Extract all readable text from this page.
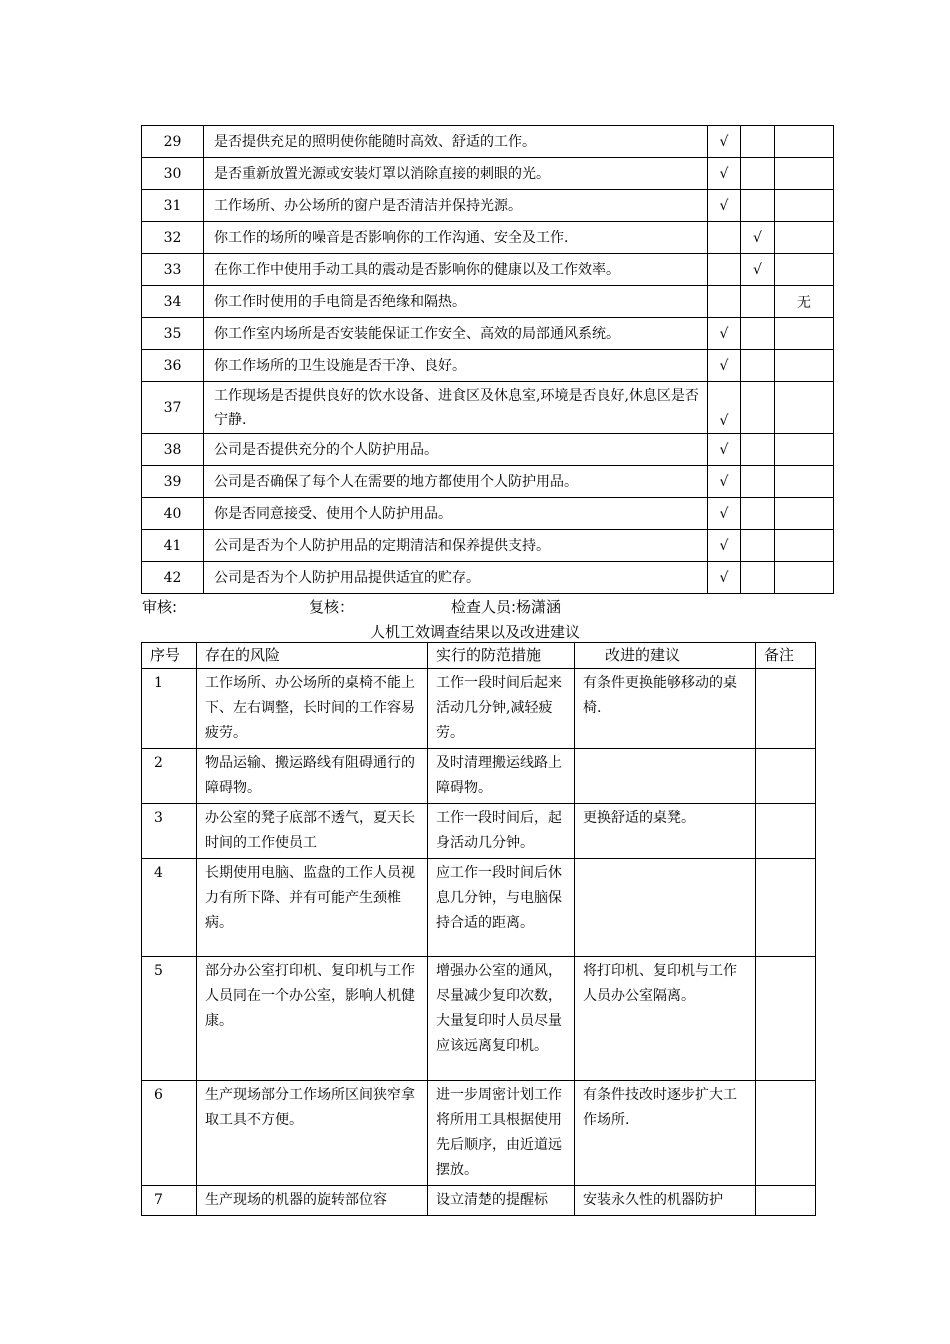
29	是否提供充足的照明使你能随时高效、舒适的工作。	√		
30	是否重新放置光源或安装灯罩以消除直接的刺眼的光。	√		
31	工作场所、办公场所的窗户是否清洁并保持光源。	√		
32	你工作的场所的噪音是否影响你的工作沟通、安全及工作.		√	
33	在你工作中使用手动工具的震动是否影响你的健康以及工作效率。		√	
34	你工作时使用的手电筒是否绝缘和隔热。			无
35	你工作室内场所是否安装能保证工作安全、高效的局部通风系统。	√		
36	你工作场所的卫生设施是否干净、良好。	√		
37	工作现场是否提供良好的饮水设备、进食区及休息室,环境是否良好,休息区是否宁静.	√		
38	公司是否提供充分的个人防护用品。	√		
39	公司是否确保了每个人在需要的地方都使用个人防护用品。	√		
40	你是否同意接受、使用个人防护用品。	√		
41	公司是否为个人防护用品的定期清洁和保养提供支持。	√		
42	公司是否为个人防护用品提供适宜的贮存。	√		
审核:	复核：	检查人员:杨潇涵
人机工效调查结果以及改进建议
序号	存在的风险	实行的防范措施	改进的建议	备注
1	工作场所、办公场所的桌椅不能上下、左右调整，长时间的工作容易疲劳。	工作一段时间后起来活动几分钟,减轻疲劳。	有条件更换能够移动的桌椅.	
2	物品运输、搬运路线有阻碍通行的障碍物。	及时清理搬运线路上障碍物。		
3	办公室的凳子底部不透气，夏天长时间的工作使员工	工作一段时间后，起身活动几分钟。	更换舒适的桌凳。	
4	长期使用电脑、监盘的工作人员视力有所下降、并有可能产生颈椎病。	应工作一段时间后休息几分钟，与电脑保持合适的距离。		
5	部分办公室打印机、复印机与工作人员同在一个办公室，影响人机健康。	增强办公室的通风，尽量减少复印次数，大量复印时人员尽量应该远离复印机。	将打印机、复印机与工作人员办公室隔离。	
6	生产现场部分工作场所区间狭窄拿取工具不方便。	进一步周密计划工作将所用工具根据使用先后顺序，由近道远摆放。	有条件技改时逐步扩大工作场所.	
7	生产现场的机器的旋转部位容	设立清楚的提醒标	安装永久性的机器防护	
